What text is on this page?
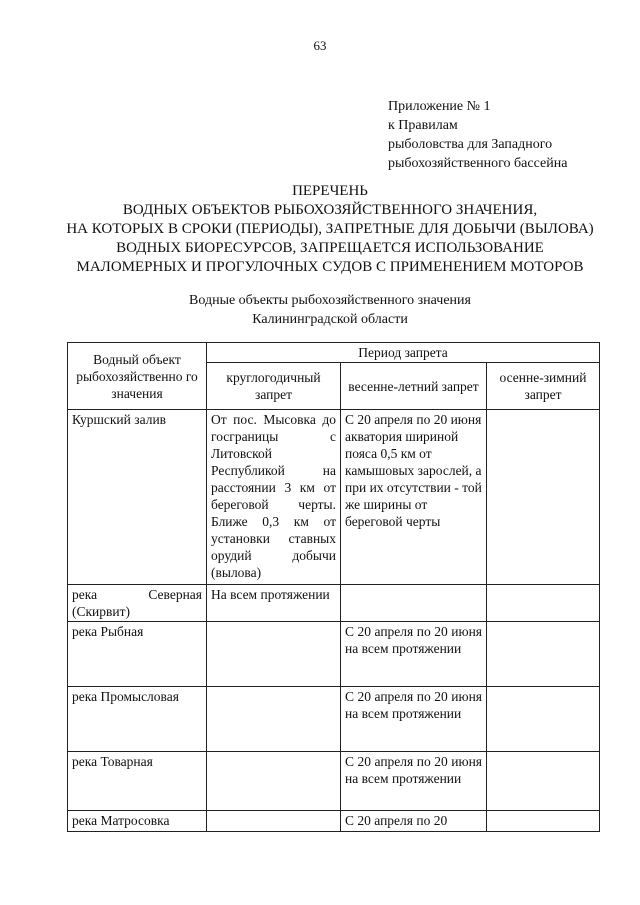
63
Приложение № 1
к Правилам
рыболовства для Западного
рыбохозяйственного бассейна
ПЕРЕЧЕНЬ
ВОДНЫХ ОБЪЕКТОВ РЫБОХОЗЯЙСТВЕННОГО ЗНАЧЕНИЯ,
НА КОТОРЫХ В СРОКИ (ПЕРИОДЫ), ЗАПРЕТНЫЕ ДЛЯ ДОБЫЧИ (ВЫЛОВА)
ВОДНЫХ БИОРЕСУРСОВ, ЗАПРЕЩАЕТСЯ ИСПОЛЬЗОВАНИЕ
МАЛОМЕРНЫХ И ПРОГУЛОЧНЫХ СУДОВ С ПРИМЕНЕНИЕМ МОТОРОВ
Водные объекты рыбохозяйственного значения
Калининградской области
Водный объект рыбохозяйственно го значения	Период запрета		
	круглогодичный запрет	весенне-летний запрет	осенне-зимний запрет
Куршский залив	От пос. Мысовка до госграницы с Литовской Республикой на расстоянии 3 км от береговой черты. Ближе 0,3 км от установки ставных орудий добычи (вылова)	С 20 апреля по 20 июня акватория шириной пояса 0,5 км от камышовых зарослей, а при их отсутствии - той же ширины от береговой черты	
река Северная (Скирвит)	На всем протяжении		
река Рыбная		С 20 апреля по 20 июня на всем протяжении	
река Промысловая		С 20 апреля по 20 июня на всем протяжении	
река Товарная		С 20 апреля по 20 июня на всем протяжении	
река Матросовка		С 20 апреля по 20	
